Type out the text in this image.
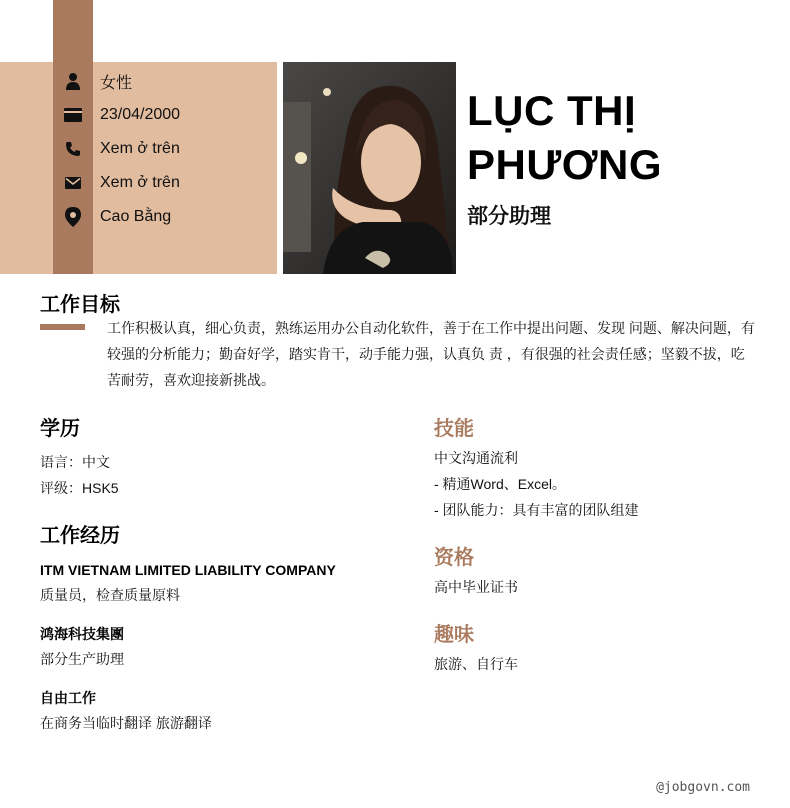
女性
23/04/2000
Xem ở trên
Xem ở trên
Cao Bằng
LỤC THỊ
PHƯƠNG
部分助理
工作目标
工作积极认真，细心负责，熟练运用办公自动化软件，善于在工作中提出问题、发现 问题、解决问题，有较强的分析能力；勤奋好学，踏实肯干，动手能力强，认真负 责 ，有很强的社会责任感；坚毅不拔，吃苦耐劳，喜欢迎接新挑战。
学历
语言：中文
评级：HSK5
工作经历
ITM VIETNAM LIMITED LIABILITY COMPANY
质量员，检查质量原料
鸿海科技集團
部分生产助理
自由工作
在商务当临时翻译 旅游翻译
技能
中文沟通流利
- 精通Word、Excel。
- 团队能力：具有丰富的团队组建
资格
高中毕业证书
趣味
旅游、自行车
@jobgovn.com
